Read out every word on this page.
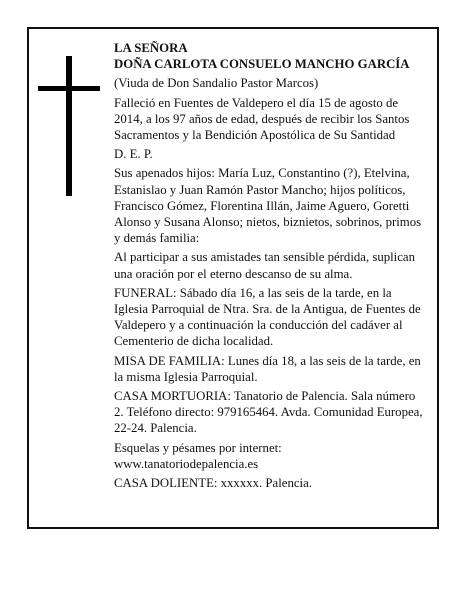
LA SEÑORA

DOÑA CARLOTA CONSUELO MANCHO GARCÍA

(Viuda de Don Sandalio Pastor Marcos)

Falleció en Fuentes de Valdepero el día 15 de agosto de 2014, a los 97 años de edad, después de recibir los Santos Sacramentos y la Bendición Apostólica de Su Santidad

D. E. P.

Sus apenados hijos: María Luz, Constantino (?), Etelvina, Estanislao y Juan Ramón Pastor Mancho; hijos políticos, Francisco Gómez, Florentina Illán, Jaime Aguero, Goretti Alonso y Susana Alonso; nietos, biznietos, sobrinos, primos y demás familia:

Al participar a sus amistades tan sensible pérdida, suplican una oración por el eterno descanso de su alma.

FUNERAL: Sábado día 16, a las seis de la tarde, en la Iglesia Parroquial de Ntra. Sra. de la Antigua, de Fuentes de Valdepero y a continuación la conducción del cadáver al Cementerio de dicha localidad.

MISA DE FAMILIA: Lunes día 18, a las seis de la tarde, en la misma Iglesia Parroquial.

CASA MORTUORIA: Tanatorio de Palencia. Sala número 2. Teléfono directo: 979165464. Avda. Comunidad Europea, 22-24. Palencia.

Esquelas y pésames por internet:
www.tanatoriodepalencia.es

CASA DOLIENTE: xxxxxx. Palencia.
